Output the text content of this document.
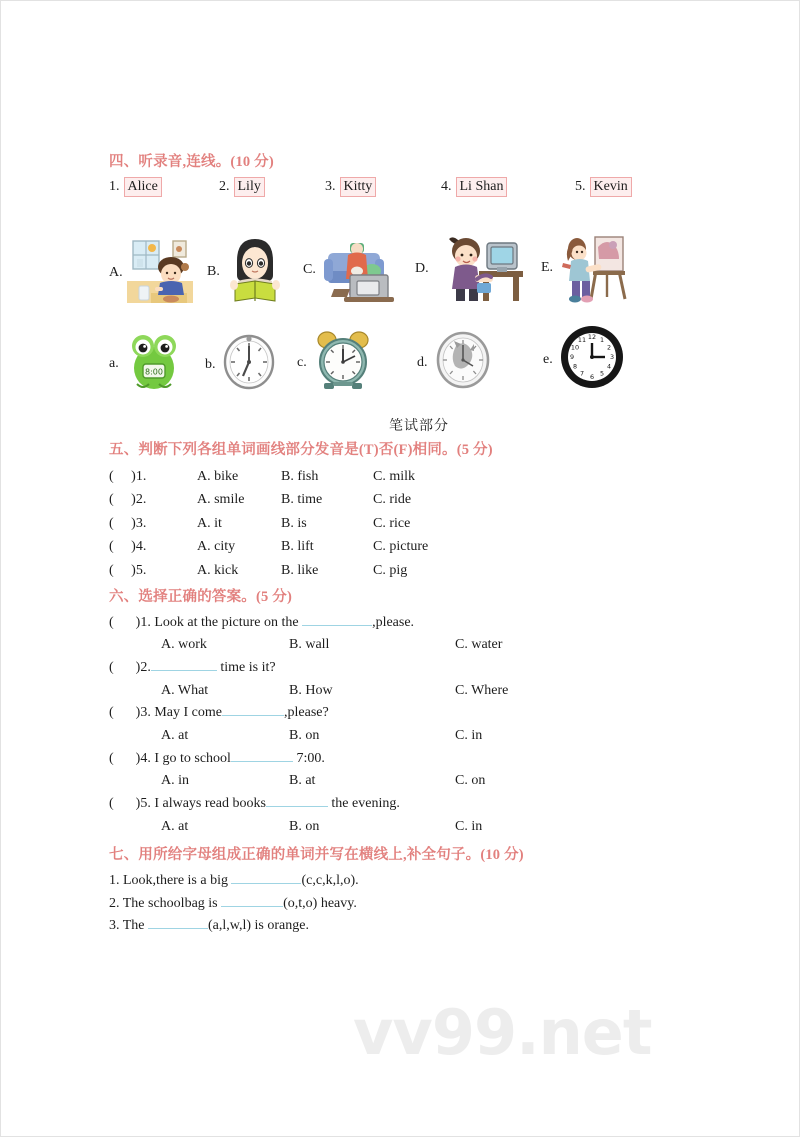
四、听录音,连线。(10 分)
1. Alice	2. Lily	3. Kitty	4. Li Shan	5. Kevin
A.	B.	C.	D.	E.
a.
8:00
b.	c.	d.	e.
12 1
2
3
4
5
6
7
8
9
10
11
笔试部分
五、判断下列各组单词画线部分发音是(T)否(F)相同。(5 分)
(     )1.	A. bike	B. fish	C. milk
(     )2.	A. smile	B. time	C. ride
(     )3.	A. it	B. is	C. rice
(     )4.	A. city	B. lift	C. picture
(     )5.	A. kick	B. like	C. pig
六、选择正确的答案。(5 分)
( )1. Look at the picture on the	,please.
A. work	B. wall	C. water
( )2.	time is it?
A. What	B. How	C. Where
( )3. May I come	,please?
A. at	B. on	C. in
( )4. I go to school	7:00.
A. in	B. at	C. on
( )5. I always read books	the evening.
A. at	B. on	C. in
七、用所给字母组成正确的单词并写在横线上,补全句子。(10 分)
1. Look,there is a big	(c,c,k,l,o).
2. The schoolbag is	(o,t,o) heavy.
3. The	(a,l,w,l) is orange.
vv99.net
